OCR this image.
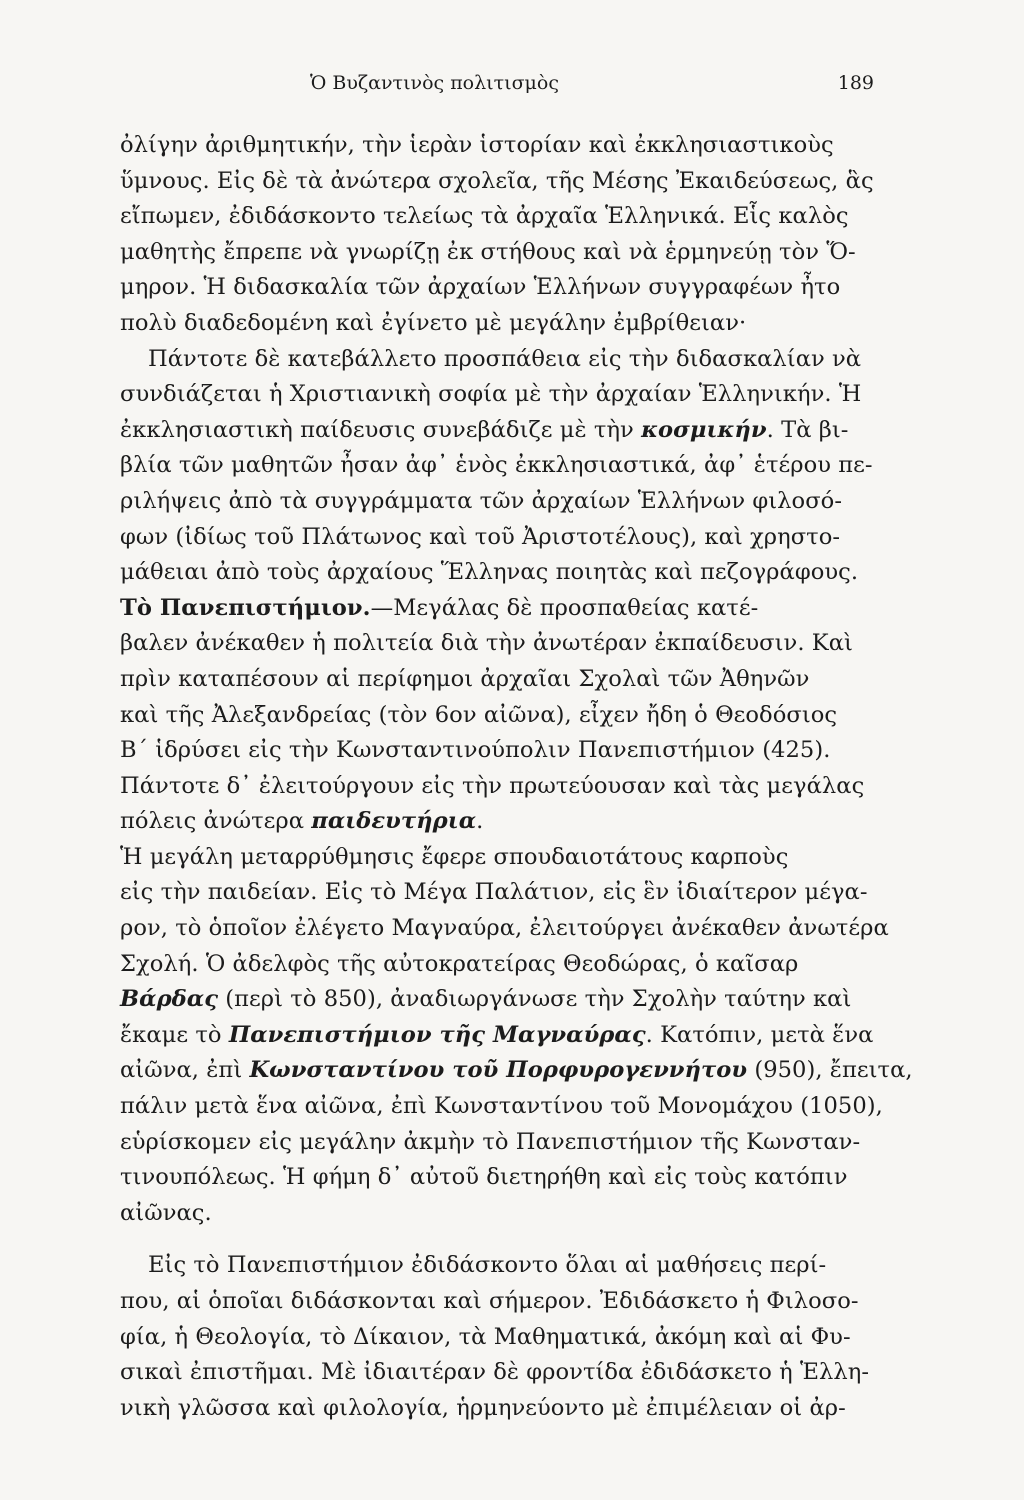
Ὁ Βυζαντινὸς πολιτισμὸς	189
ὀλίγην ἀριθμητικήν, τὴν ἱερὰν ἱστορίαν καὶ ἐκκλησιαστικοὺς
ὕμνους. Εἰς δὲ τὰ ἀνώτερα σχολεῖα, τῆς Μέσης Ἐκαιδεύσεως, ἃς
εἴπωμεν, ἐδιδάσκοντο τελείως τὰ ἀρχαῖα Ἑλληνικά. Εἷς καλὸς
μαθητὴς ἔπρεπε νὰ γνωρίζῃ ἐκ στήθους καὶ νὰ ἑρμηνεύῃ τὸν Ὅ-
μηρον. Ἡ διδασκαλία τῶν ἀρχαίων Ἑλλήνων συγγραφέων ἦτο
πολὺ διαδεδομένη καὶ ἐγίνετο μὲ μεγάλην ἐμβρίθειαν·
Πάντοτε δὲ κατεβάλλετο προσπάθεια εἰς τὴν διδασκαλίαν νὰ
συνδιάζεται ἡ Χριστιανικὴ σοφία μὲ τὴν ἀρχαίαν Ἑλληνικήν. Ἡ
ἐκκλησιαστικὴ παίδευσις συνεβάδιζε μὲ τὴν κοσμικήν. Τὰ βι-
βλία τῶν μαθητῶν ἦσαν ἀφ᾽ ἑνὸς ἐκκλησιαστικά, ἀφ᾽ ἑτέρου πε-
ριλήψεις ἀπὸ τὰ συγγράμματα τῶν ἀρχαίων Ἑλλήνων φιλοσό-
φων (ἰδίως τοῦ Πλάτωνος καὶ τοῦ Ἀριστοτέλους), καὶ χρηστο-
μάθειαι ἀπὸ τοὺς ἀρχαίους Ἕλληνας ποιητὰς καὶ πεζογράφους.
Τὸ Πανεπιστήμιον.—Μεγάλας δὲ προσπαθείας κατέ-
βαλεν ἀνέκαθεν ἡ πολιτεία διὰ τὴν ἀνωτέραν ἐκπαίδευσιν. Καὶ
πρὶν καταπέσουν αἱ περίφημοι ἀρχαῖαι Σχολαὶ τῶν Ἀθηνῶν
καὶ τῆς Ἀλεξανδρείας (τὸν 6ον αἰῶνα), εἶχεν ἤδη ὁ Θεοδόσιος
Β΄ ἱδρύσει εἰς τὴν Κωνσταντινούπολιν Πανεπιστήμιον (425).
Πάντοτε δ᾽ ἐλειτούργουν εἰς τὴν πρωτεύουσαν καὶ τὰς μεγάλας
πόλεις ἀνώτερα παιδευτήρια.
Ἡ μεγάλη μεταρρύθμησις ἔφερε σπουδαιοτάτους καρποὺς
εἰς τὴν παιδείαν. Εἰς τὸ Μέγα Παλάτιον, εἰς ἓν ἰδιαίτερον μέγα-
ρον, τὸ ὁποῖον ἐλέγετο Μαγναύρα, ἐλειτούργει ἀνέκαθεν ἀνωτέρα
Σχολή. Ὁ ἀδελφὸς τῆς αὐτοκρατείρας Θεοδώρας, ὁ καῖσαρ
Βάρδας (περὶ τὸ 850), ἀναδιωργάνωσε τὴν Σχολὴν ταύτην καὶ
ἔκαμε τὸ Πανεπιστήμιον τῆς Μαγναύρας. Κατόπιν, μετὰ ἕνα
αἰῶνα, ἐπὶ Κωνσταντίνου τοῦ Πορφυρογεννήτου (950), ἔπειτα,
πάλιν μετὰ ἕνα αἰῶνα, ἐπὶ Κωνσταντίνου τοῦ Μονομάχου (1050),
εὑρίσκομεν εἰς μεγάλην ἀκμὴν τὸ Πανεπιστήμιον τῆς Κωνσταν-
τινουπόλεως. Ἡ φήμη δ᾽ αὐτοῦ διετηρήθη καὶ εἰς τοὺς κατόπιν
αἰῶνας.
Εἰς τὸ Πανεπιστήμιον ἐδιδάσκοντο ὅλαι αἱ μαθήσεις περί-
που, αἱ ὁποῖαι διδάσκονται καὶ σήμερον. Ἐδιδάσκετο ἡ Φιλοσο-
φία, ἡ Θεολογία, τὸ Δίκαιον, τὰ Μαθηματικά, ἀκόμη καὶ αἱ Φυ-
σικαὶ ἐπιστῆμαι. Μὲ ἰδιαιτέραν δὲ φροντίδα ἐδιδάσκετο ἡ Ἑλλη-
νικὴ γλῶσσα καὶ φιλολογία, ἡρμηνεύοντο μὲ ἐπιμέλειαν οἱ ἀρ-
